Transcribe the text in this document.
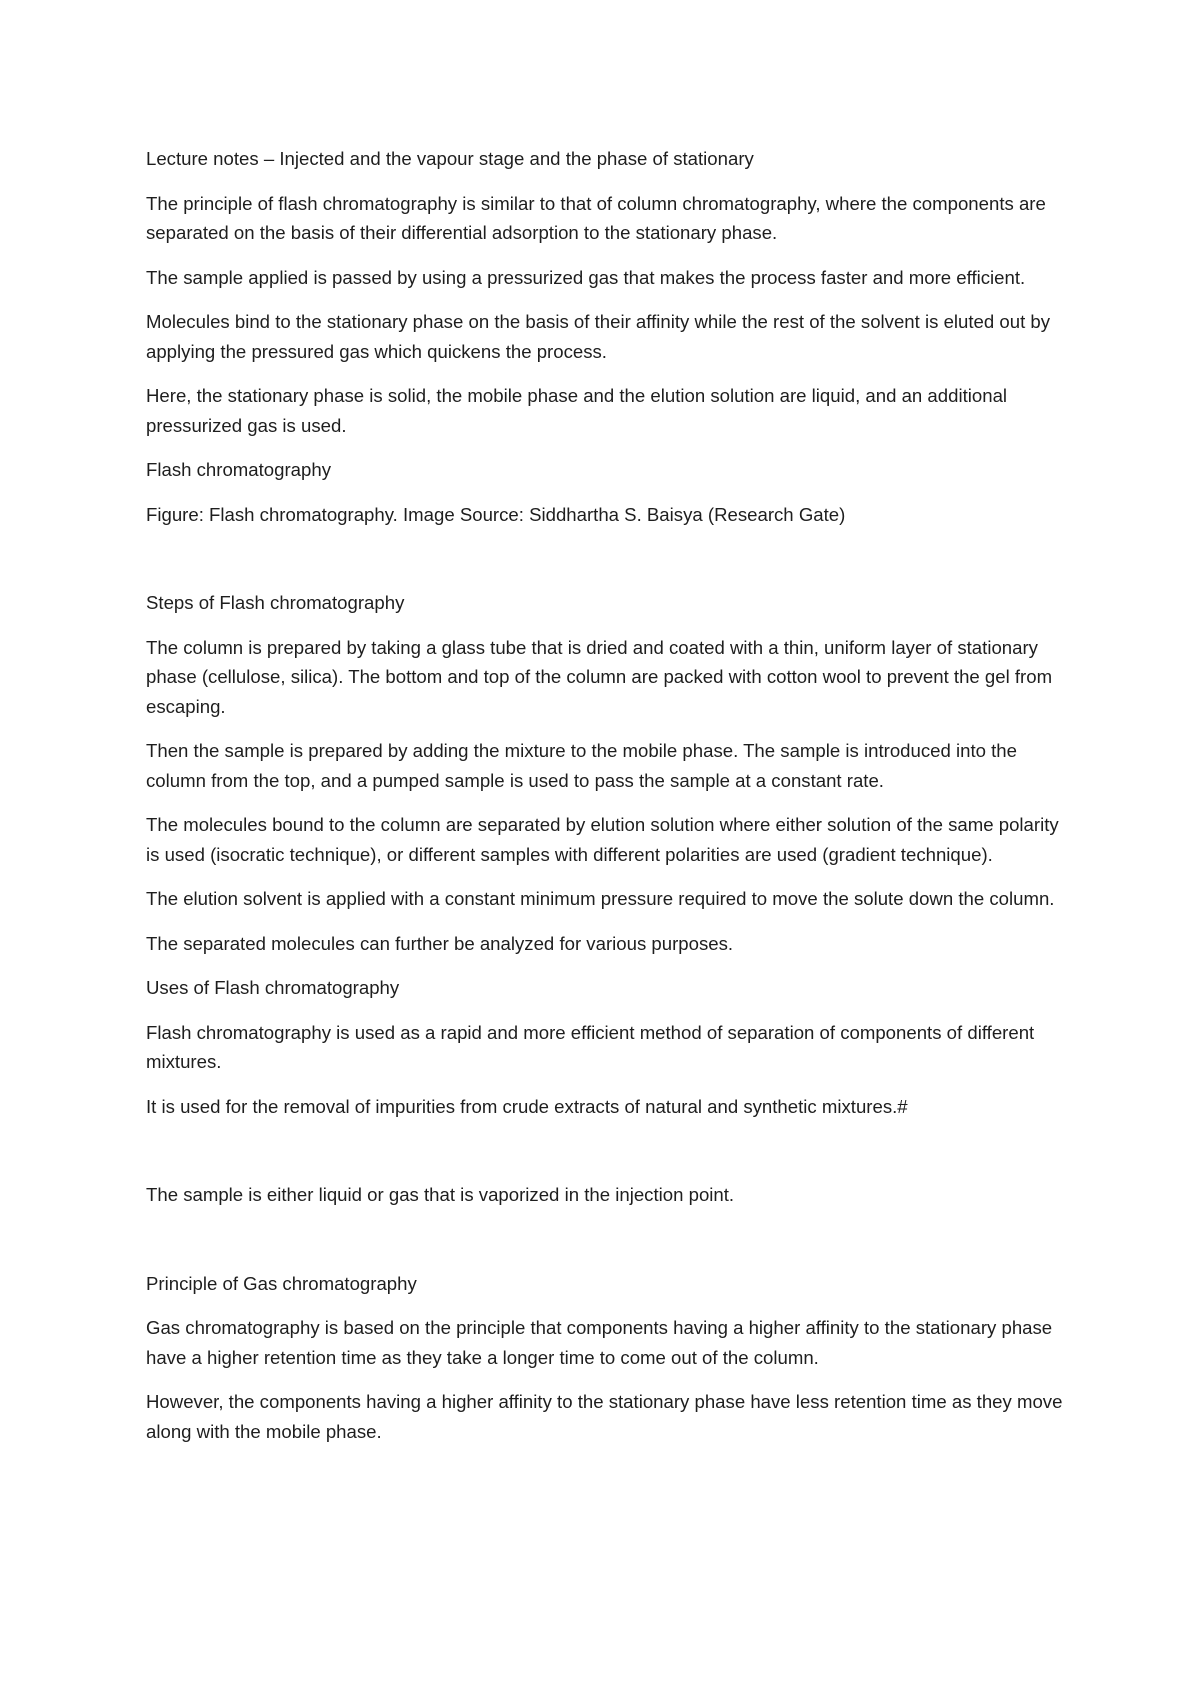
Lecture notes – Injected and the vapour stage and the phase of stationary

The principle of flash chromatography is similar to that of column chromatography, where the components are separated on the basis of their differential adsorption to the stationary phase.

The sample applied is passed by using a pressurized gas that makes the process faster and more efficient.

Molecules bind to the stationary phase on the basis of their affinity while the rest of the solvent is eluted out by applying the pressured gas which quickens the process.

Here, the stationary phase is solid, the mobile phase and the elution solution are liquid, and an additional pressurized gas is used.

Flash chromatography

Figure: Flash chromatography. Image Source: Siddhartha S. Baisya (Research Gate)

Steps of Flash chromatography

The column is prepared by taking a glass tube that is dried and coated with a thin, uniform layer of stationary phase (cellulose, silica). The bottom and top of the column are packed with cotton wool to prevent the gel from escaping.

Then the sample is prepared by adding the mixture to the mobile phase. The sample is introduced into the column from the top, and a pumped sample is used to pass the sample at a constant rate.

The molecules bound to the column are separated by elution solution where either solution of the same polarity is used (isocratic technique), or different samples with different polarities are used (gradient technique).

The elution solvent is applied with a constant minimum pressure required to move the solute down the column.

The separated molecules can further be analyzed for various purposes.

Uses of Flash chromatography

Flash chromatography is used as a rapid and more efficient method of separation of components of different mixtures.

It is used for the removal of impurities from crude extracts of natural and synthetic mixtures.#

The sample is either liquid or gas that is vaporized in the injection point.

Principle of Gas chromatography

Gas chromatography is based on the principle that components having a higher affinity to the stationary phase have a higher retention time as they take a longer time to come out of the column.

However, the components having a higher affinity to the stationary phase have less retention time as they move along with the mobile phase.
